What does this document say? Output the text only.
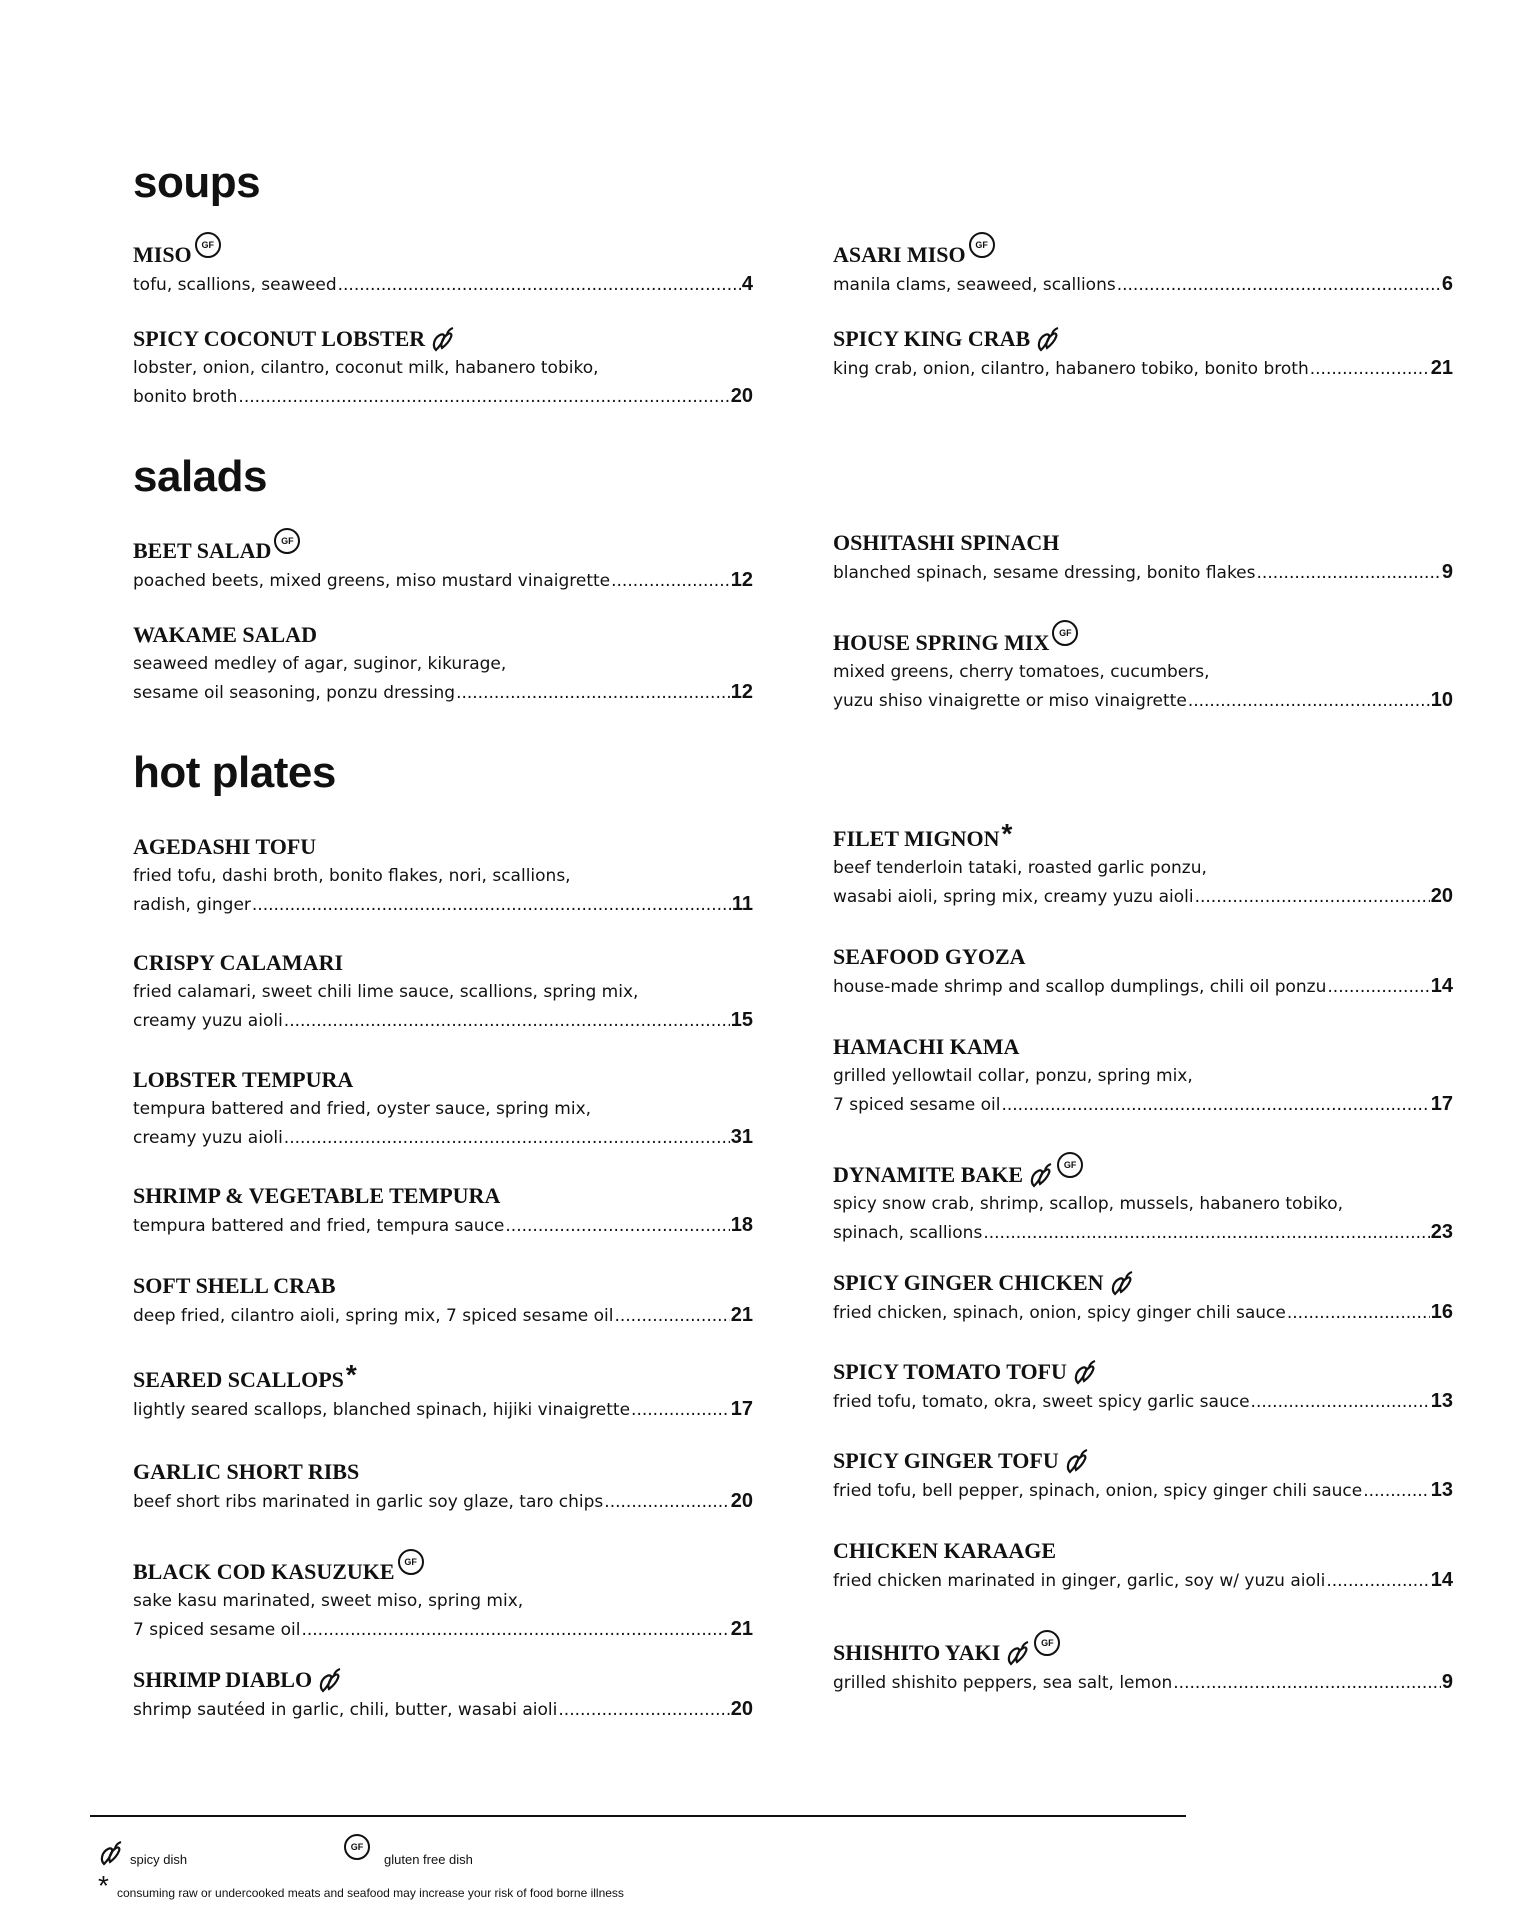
soups
salads
hot plates
MISO	GF
tofu, scallions, seaweed .....	4
ASARI MISO	GF
manila clams, seaweed, scallions .....	6
SPICY COCONUT LOBSTER
lobster, onion, cilantro, coconut milk, habanero tobiko,
bonito broth .....	20
SPICY KING CRAB
king crab, onion, cilantro, habanero tobiko, bonito broth .....	21
BEET SALAD	GF
poached beets, mixed greens, miso mustard vinaigrette .....	12
OSHITASHI SPINACH
blanched spinach, sesame dressing, bonito flakes .....	9
WAKAME SALAD
seaweed medley of agar, suginor, kikurage,
sesame oil seasoning, ponzu dressing .....	12
HOUSE SPRING MIX	GF
mixed greens, cherry tomatoes, cucumbers,
yuzu shiso vinaigrette or miso vinaigrette .....	10
AGEDASHI TOFU
fried tofu, dashi broth, bonito flakes, nori, scallions,
radish, ginger .....	11
CRISPY CALAMARI
fried calamari, sweet chili lime sauce, scallions, spring mix,
creamy yuzu aioli .....	15
LOBSTER TEMPURA
tempura battered and fried, oyster sauce, spring mix,
creamy yuzu aioli .....	31
SHRIMP & VEGETABLE TEMPURA
tempura battered and fried, tempura sauce .....	18
SOFT SHELL CRAB
deep fried, cilantro aioli, spring mix, 7 spiced sesame oil .....	21
SEARED SCALLOPS *
lightly seared scallops, blanched spinach, hijiki vinaigrette .....	17
GARLIC SHORT RIBS
beef short ribs marinated in garlic soy glaze, taro chips .....	20
BLACK COD KASUZUKE	GF
sake kasu marinated, sweet miso, spring mix,
7 spiced sesame oil .....	21
SHRIMP DIABLO
shrimp sautéed in garlic, chili, butter, wasabi aioli .....	20
FILET MIGNON *
beef tenderloin tataki, roasted garlic ponzu,
wasabi aioli, spring mix, creamy yuzu aioli .....	20
SEAFOOD GYOZA
house-made shrimp and scallop dumplings, chili oil ponzu .....	14
HAMACHI KAMA
grilled yellowtail collar, ponzu, spring mix,
7 spiced sesame oil .....	17
DYNAMITE BAKE	GF
spicy snow crab, shrimp, scallop, mussels, habanero tobiko,
spinach, scallions .....	23
SPICY GINGER CHICKEN
fried chicken, spinach, onion, spicy ginger chili sauce .....	16
SPICY TOMATO TOFU
fried tofu, tomato, okra, sweet spicy garlic sauce .....	13
SPICY GINGER TOFU
fried tofu, bell pepper, spinach, onion, spicy ginger chili sauce .....	13
CHICKEN KARAAGE
fried chicken marinated in ginger, garlic, soy w/ yuzu aioli .....	14
SHISHITO YAKI	GF
grilled shishito peppers, sea salt, lemon .....	9
spicy dish
GF
gluten free dish
* consuming raw or undercooked meats and seafood may increase your risk of food borne illness
